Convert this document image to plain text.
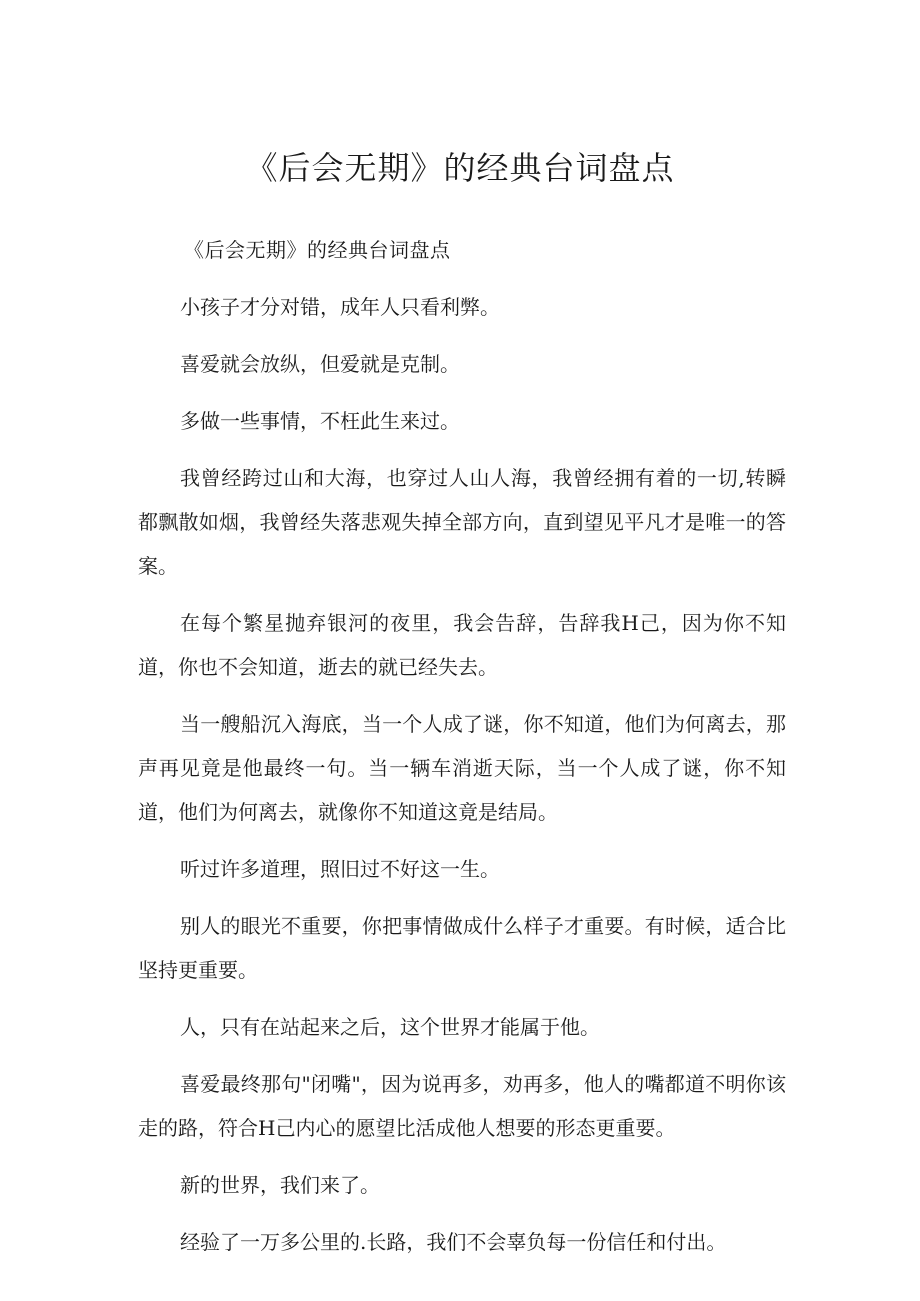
《后会无期》的经典台词盘点

《后会无期》的经典台词盘点

小孩子才分对错，成年人只看利弊。

喜爱就会放纵，但爱就是克制。

多做一些事情，不枉此生来过。

我曾经跨过山和大海，也穿过人山人海，我曾经拥有着的一切,转瞬都飘散如烟，我曾经失落悲观失掉全部方向，直到望见平凡才是唯一的答案。

在每个繁星抛弃银河的夜里，我会告辞，告辞我H己，因为你不知道，你也不会知道，逝去的就已经失去。

当一艘船沉入海底，当一个人成了谜，你不知道，他们为何离去，那声再见竟是他最终一句。当一辆车消逝天际，当一个人成了谜，你不知道，他们为何离去，就像你不知道这竟是结局。

听过许多道理，照旧过不好这一生。

别人的眼光不重要，你把事情做成什么样子才重要。有时候，适合比坚持更重要。

人，只有在站起来之后，这个世界才能属于他。

喜爱最终那句"闭嘴"，因为说再多，劝再多，他人的嘴都道不明你该走的路，符合H己内心的愿望比活成他人想要的形态更重要。

新的世界，我们来了。

经验了一万多公里的.长路，我们不会辜负每一份信任和付出。
